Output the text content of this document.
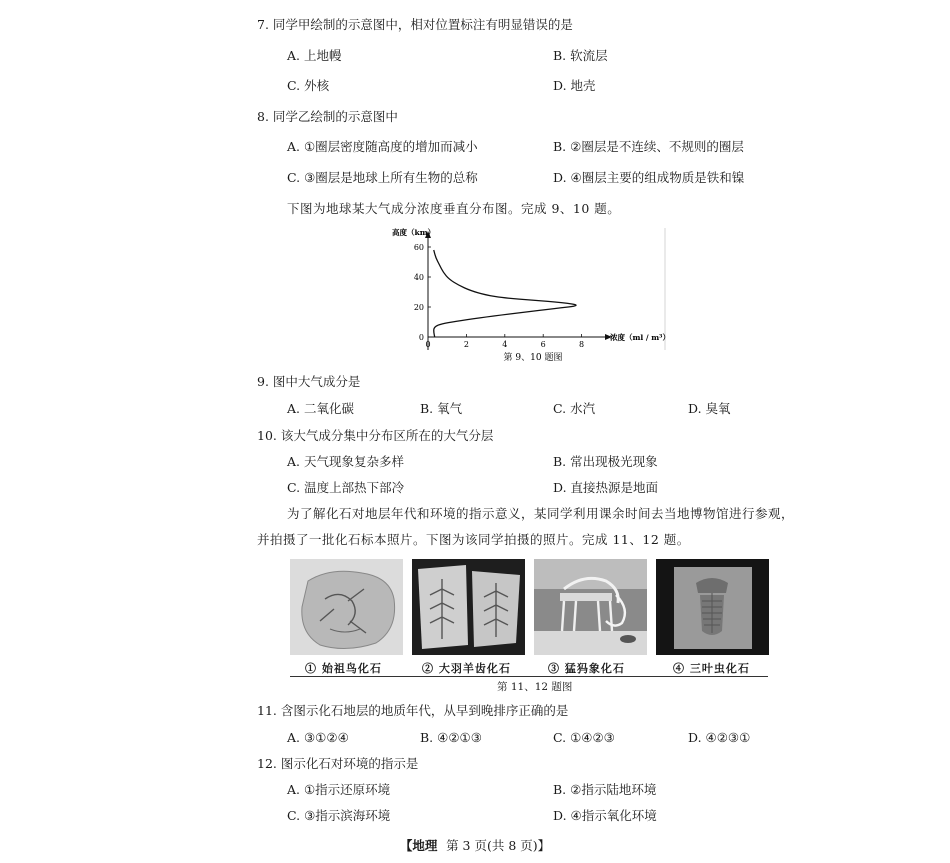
7. 同学甲绘制的示意图中，相对位置标注有明显错误的是
A. 上地幔	B. 软流层
C. 外核	D. 地壳
8. 同学乙绘制的示意图中
A. ①圈层密度随高度的增加而减小	B. ②圈层是不连续、不规则的圈层
C. ③圈层是地球上所有生物的总称	D. ④圈层主要的组成物质是铁和镍
下图为地球某大气成分浓度垂直分布图。完成 9、10 题。
高度（km）
浓度（ml / m³）
0	2	4	6	8
0
20
40
60
第 9、10 题图
9. 图中大气成分是
A. 二氧化碳	B. 氧气	C. 水汽	D. 臭氧
10. 该大气成分集中分布区所在的大气分层
A. 天气现象复杂多样	B. 常出现极光现象
C. 温度上部热下部冷	D. 直接热源是地面
为了解化石对地层年代和环境的指示意义，某同学利用课余时间去当地博物馆进行参观，
并拍摄了一批化石标本照片。下图为该同学拍摄的照片。完成 11、12 题。
① 始祖鸟化石	② 大羽羊齿化石	③ 猛犸象化石	④ 三叶虫化石
第 11、12 题图
11. 含图示化石地层的地质年代，从早到晚排序正确的是
A. ③①②④	B. ④②①③	C. ①④②③	D. ④②③①
12. 图示化石对环境的指示是
A. ①指示还原环境	B. ②指示陆地环境
C. ③指示滨海环境	D. ④指示氧化环境
【地理 第 3 页(共 8 页)】
